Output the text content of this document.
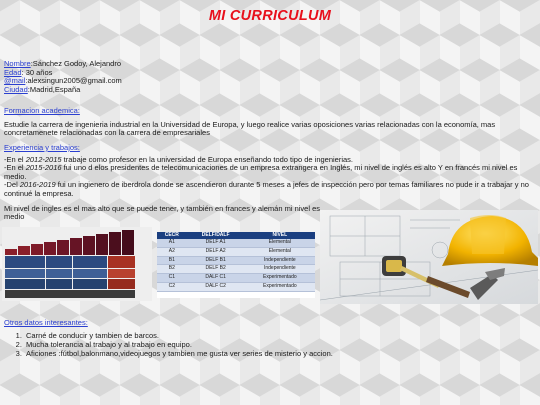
MI CURRICULUM
Nombre:Sánchez Godoy, Alejandro
Edad: 30 años
@mail:alexsingun2005@gmail.com
Ciudad:Madrid,España
Formacion academica:
Estudie la carrera de ingenieria industrial en la Universidad de Europa, y luego realice varias oposiciones varias relacionadas con la economía, mas concretamenete relacionadas con la carrera de empresariales
Experiencia y trabajos:
-En el 2012-2015 trabaje como profesor en la universidad de Europa enseñando todo tipo de ingenierias.
-En el 2015-2016 fui uno d elos presidentes de telecomunicaciones de un empresa extrangera en Inglés, mi nivel de inglés es alto Y en francés mi nivel es medio.
-Del 2016-2019 fui un ingienero de iberdrola donde se ascendieron durante 5 meses a jefes de inspección pero por temas familiares no pude ir a trabajar y no continué la empresa.
Mi nivel de ingles es el mas alto que se puede tener, y también en frances y alemán mi nivel es medio
CECR	DELF/DALF	NIVEL
A1	DELF A1	Elemental
A2	DELF A2	Elemental
B1	DELF B1	Independiente
B2	DELF B2	Independiente
C1	DALF C1	Experimentado
C2	DALF C2	Experimentado
Otros datos interesantes:
1. Carné de conducir y tambien de barcos.
2. Mucha tolerancia al trabajo y al trabajo en equipo.
3. Aficiones :fútbol,balonmano,videojuegos y tambien me gusta ver series de misterio y accion.
